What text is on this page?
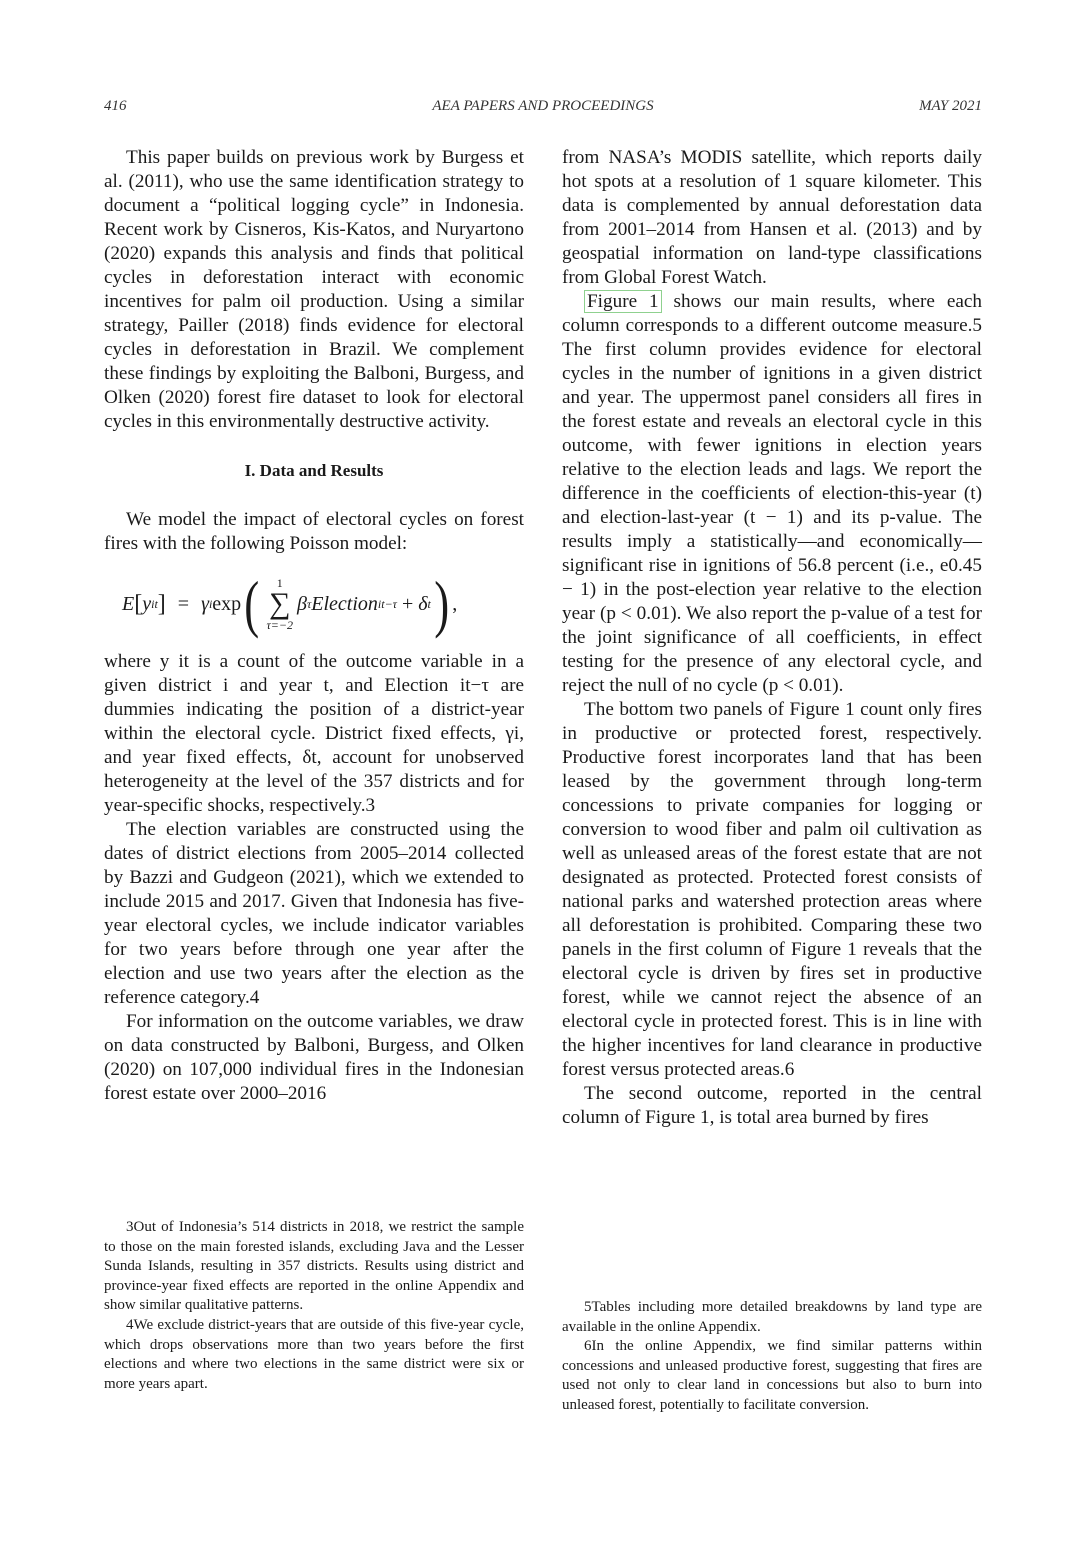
416	AEA PAPERS AND PROCEEDINGS	MAY 2021

This paper builds on previous work by Burgess et al. (2011), who use the same identification strategy to document a “political logging cycle” in Indonesia. Recent work by Cisneros, Kis-Katos, and Nuryartono (2020) expands this analysis and finds that political cycles in deforestation interact with economic incentives for palm oil production. Using a similar strategy, Pailler (2018) finds evidence for electoral cycles in deforestation in Brazil. We complement these findings by exploiting the Balboni, Burgess, and Olken (2020) forest fire dataset to look for electoral cycles in this environmentally destructive activity.

I. Data and Results

We model the impact of electoral cycles on forest fires with the following Poisson model:

E [ y it ] = γ i exp ( 1
∑
τ=−2
β τ Election it−τ + δ t ) ,

where y it is a count of the outcome variable in a given district i and year t, and Election it−τ are dummies indicating the position of a district-year within the electoral cycle. District fixed effects, γi, and year fixed effects, δt, account for unobserved heterogeneity at the level of the 357 districts and for year-specific shocks, respectively.3

The election variables are constructed using the dates of district elections from 2005–2014 collected by Bazzi and Gudgeon (2021), which we extended to include 2015 and 2017. Given that Indonesia has five-year electoral cycles, we include indicator variables for two years before through one year after the election and use two years after the election as the reference category.4

For information on the outcome variables, we draw on data constructed by Balboni, Burgess, and Olken (2020) on 107,000 individual fires in the Indonesian forest estate over 2000–2016

from NASA’s MODIS satellite, which reports daily hot spots at a resolution of 1 square kilometer. This data is complemented by annual deforestation data from 2001–2014 from Hansen et al. (2013) and by geospatial information on land-type classifications from Global Forest Watch.

Figure 1 shows our main results, where each column corresponds to a different outcome measure.5 The first column provides evidence for electoral cycles in the number of ignitions in a given district and year. The uppermost panel considers all fires in the forest estate and reveals an electoral cycle in this outcome, with fewer ignitions in election years relative to the election leads and lags. We report the difference in the coefficients of election-this-year (t) and election-last-year (t − 1) and its p-value. The results imply a statistically—and economically—significant rise in ignitions of 56.8 percent (i.e., e0.45 − 1) in the post-election year relative to the election year (p < 0.01). We also report the p-value of a test for the joint significance of all coefficients, in effect testing for the presence of any electoral cycle, and reject the null of no cycle (p < 0.01).

The bottom two panels of Figure 1 count only fires in productive or protected forest, respectively. Productive forest incorporates land that has been leased by the government through long-term concessions to private companies for logging or conversion to wood fiber and palm oil cultivation as well as unleased areas of the forest estate that are not designated as protected. Protected forest consists of national parks and watershed protection areas where all deforestation is prohibited. Comparing these two panels in the first column of Figure 1 reveals that the electoral cycle is driven by fires set in productive forest, while we cannot reject the absence of an electoral cycle in protected forest. This is in line with the higher incentives for land clearance in productive forest versus protected areas.6

The second outcome, reported in the central column of Figure 1, is total area burned by fires

3Out of Indonesia’s 514 districts in 2018, we restrict the sample to those on the main forested islands, excluding Java and the Lesser Sunda Islands, resulting in 357 districts. Results using district and province-year fixed effects are reported in the online Appendix and show similar qualitative patterns.

4We exclude district-years that are outside of this five-year cycle, which drops observations more than two years before the first elections and where two elections in the same district were six or more years apart.

5Tables including more detailed breakdowns by land type are available in the online Appendix.

6In the online Appendix, we find similar patterns within concessions and unleased productive forest, suggesting that fires are used not only to clear land in concessions but also to burn into unleased forest, potentially to facilitate conversion.
